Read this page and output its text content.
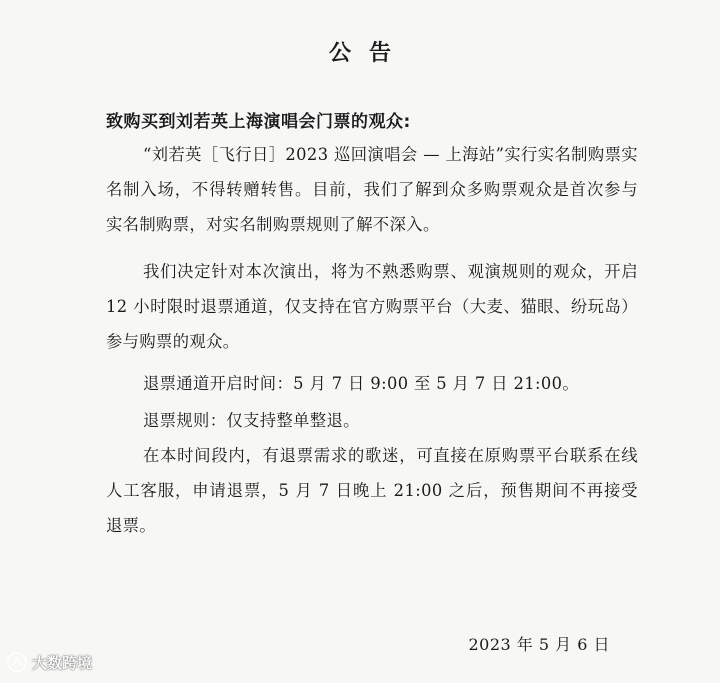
公告
致购买到刘若英上海演唱会门票的观众:
“刘若英［飞行日］2023 巡回演唱会 — 上海站”实行实名制购票实名制入场，不得转赠转售。目前，我们了解到众多购票观众是首次参与实名制购票，对实名制购票规则了解不深入。
我们决定针对本次演出，将为不熟悉购票、观演规则的观众，开启 12 小时限时退票通道，仅支持在官方购票平台（大麦、猫眼、纷玩岛）参与购票的观众。
退票通道开启时间：5 月 7 日 9:00 至 5 月 7 日 21:00。
退票规则：仅支持整单整退。
在本时间段内，有退票需求的歌迷，可直接在原购票平台联系在线人工客服，申请退票，5 月 7 日晚上 21:00 之后，预售期间不再接受退票。
2023 年 5 月 6 日
大数跨境
